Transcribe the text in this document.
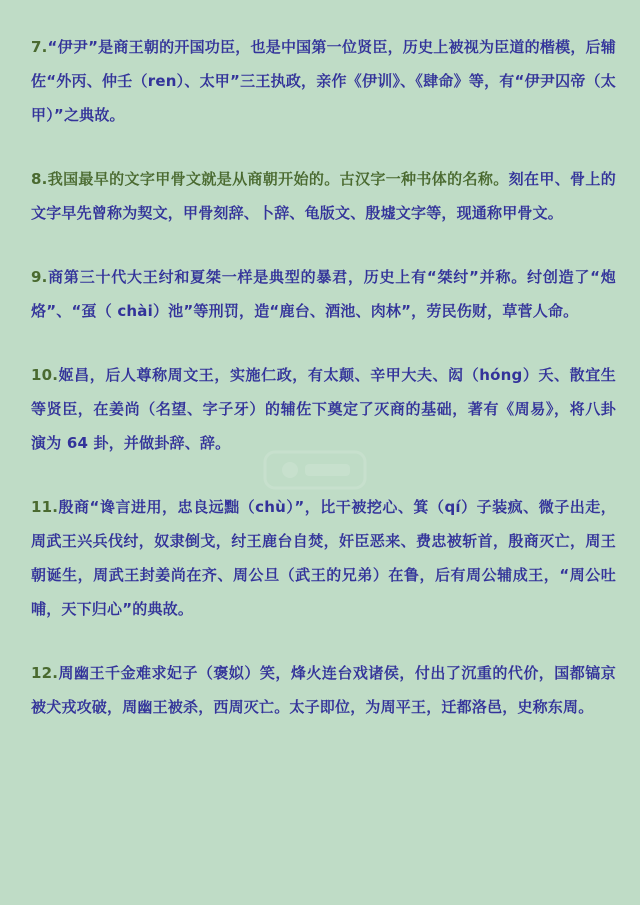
7.“伊尹”是商王朝的开国功臣，也是中国第一位贤臣，历史上被视为臣道的楷模，后辅佐“外丙、仲壬（ren）、太甲”三王执政，亲作《伊训》、《肆命》等，有“伊尹囚帝（太甲）”之典故。

8.我国最早的文字甲骨文就是从商朝开始的。古汉字一种书体的名称。刻在甲、骨上的文字早先曾称为契文，甲骨刻辞、卜辞、龟版文、殷墟文字等，现通称甲骨文。

9.商第三十代大王纣和夏桀一样是典型的暴君，历史上有“桀纣”并称。纣创造了“炮烙”、“虿（ chài）池”等刑罚，造“鹿台、酒池、肉林”，劳民伤财，草菅人命。

10.姬昌，后人尊称周文王，实施仁政，有太颠、辛甲大夫、闳（hóng）夭、散宜生等贤臣，在姜尚（名望、字子牙）的辅佐下奠定了灭商的基础，著有《周易》，将八卦演为 64 卦，并做卦辞、辞。

11.殷商“谗言进用，忠良远黜（chù）”，比干被挖心、箕（qí）子装疯、微子出走，周武王兴兵伐纣，奴隶倒戈，纣王鹿台自焚，奸臣恶来、费忠被斩首，殷商灭亡，周王朝诞生，周武王封姜尚在齐、周公旦（武王的兄弟）在鲁，后有周公辅成王，“周公吐哺，天下归心”的典故。

12.周幽王千金难求妃子（褒姒）笑，烽火连台戏诸侯，付出了沉重的代价，国都镐京被犬戎攻破，周幽王被杀，西周灭亡。太子即位，为周平王，迁都洛邑，史称东周。
